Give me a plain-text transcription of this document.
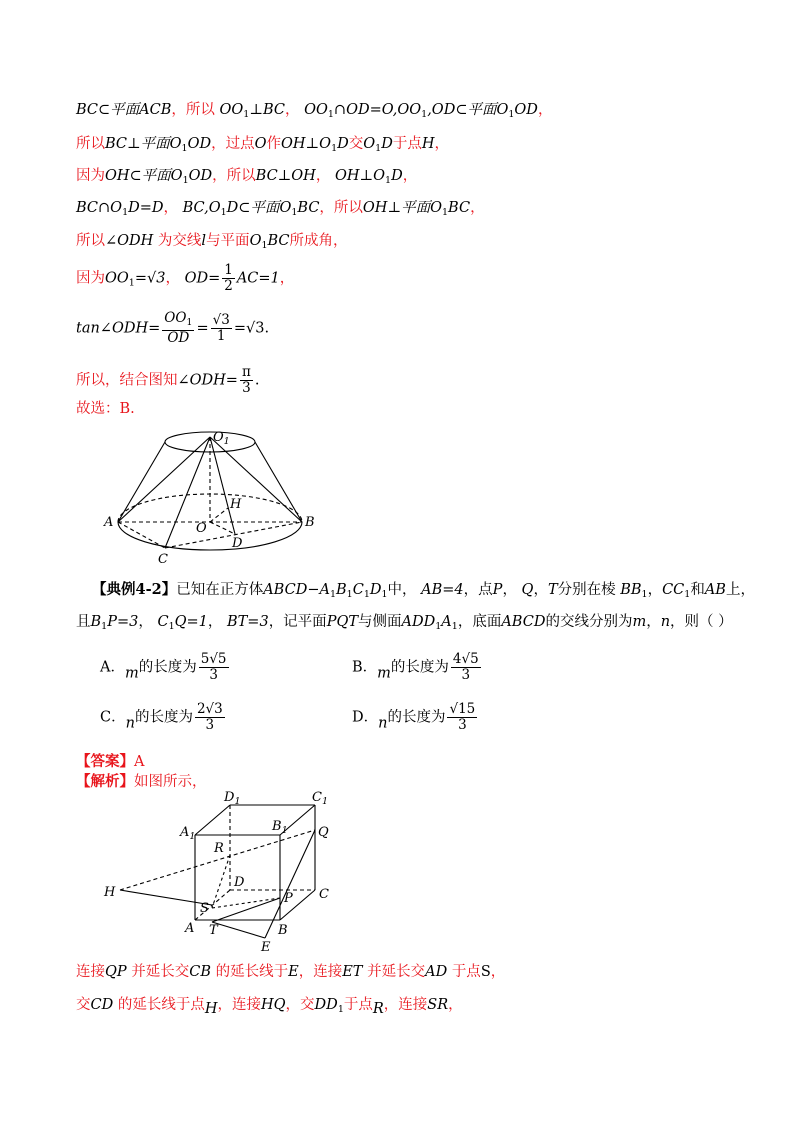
BC⊂平面ACB，所以 $OO_1\perp BC$， $OO_1\cap OD=O,OO_1,OD\subset$平面$O_1OD$，
所以BC⊥平面$O_1OD$，过点O作$OH\perp O_1D$交$O_1D$于点H，
因为OH⊂平面$O_1OD$，所以BC⊥OH， $OH\perp O_1D$，
$BC\cap O_1D=D$， $BC,O_1D\subset$平面$O_1BC$，所以OH⊥平面$O_1BC$，
所以∠ODH 为交线l与平面$O_1BC$所成角，
因为$OO_1=√3$， $OD= \frac{1}{2} AC=1$，
tan∠ODH= $\frac{OO_1}{OD} = \frac{√3}{1} =√3$.
所以，结合图知∠ODH= $\frac{\pi}{3}$ .
故选：B.
$O_1$
A	B
C
D
O
H
【典例4-2】已知在正方体$ABCD-A_1B_1C_1D_1$中， AB=4，点P， Q，T分别在棱 $BB_1$，$CC_1$和AB上，
且$B_1P=3$， $C_1Q=1$， BT=3，记平面PQT与侧面$ADD_1A_1$，底面ABCD的交线分别为m，n，则（ ）
A．m的长度为 $\frac{5√5}{3}$	B．m的长度为 $\frac{4√5}{3}$
C．n的长度为 $\frac{2√3}{3}$	D．n的长度为 $\frac{√15}{3}$
【答案】A
【解析】如图所示，
$D_1$	$C_1$
$A_1$
$B_1$ Q
R
D
H	C
P
S
A T	B
E
连接QP 并延长交CB 的延长线于E，连接ET 并延长交AD 于点S，
交CD 的延长线于点H，连接HQ，交$DD_1$于点R，连接SR，
